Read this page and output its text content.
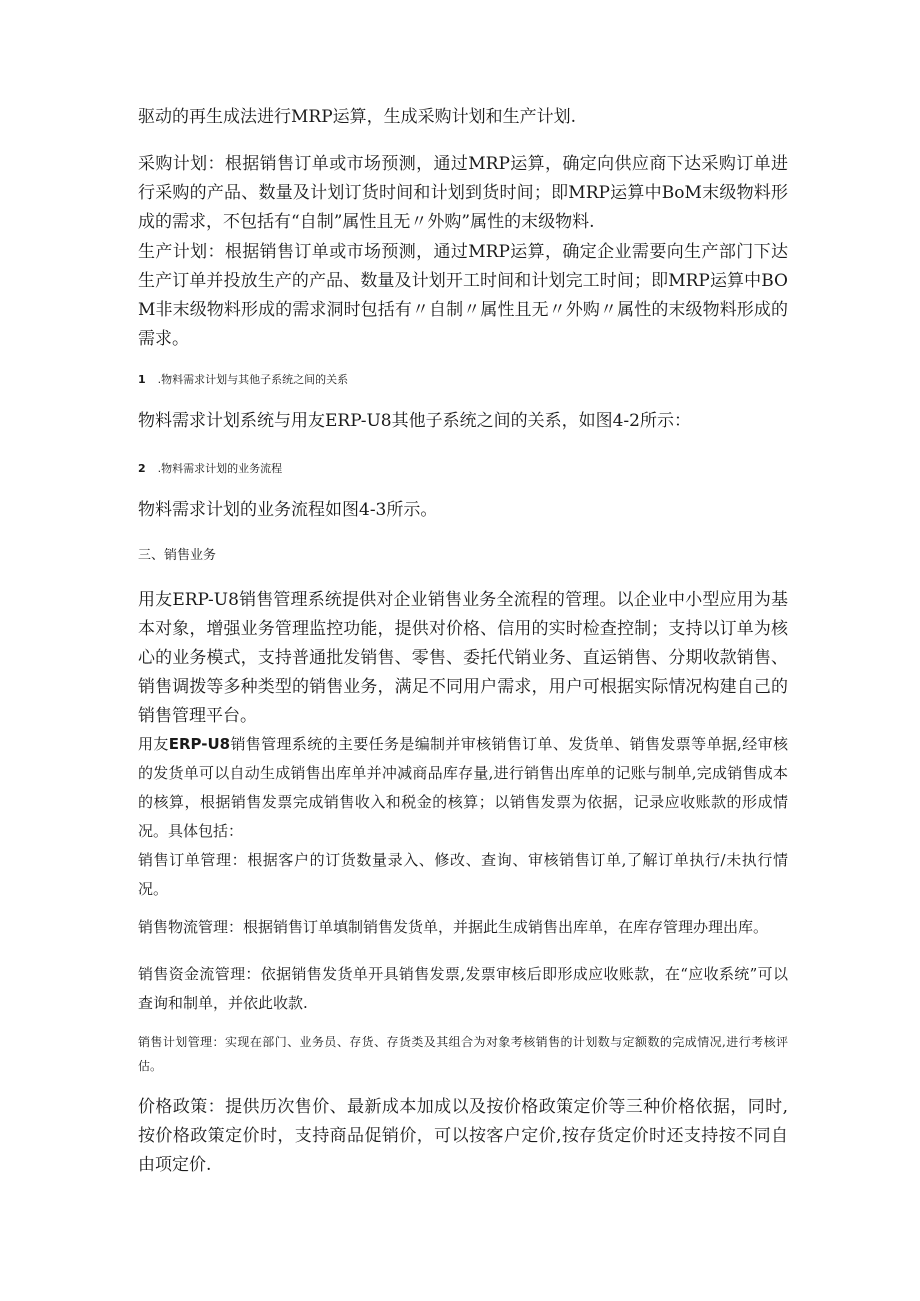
驱动的再生成法进行MRP运算，生成采购计划和生产计划.

采购计划：根据销售订单或市场预测，通过MRP运算，确定向供应商下达采购订单进行采购的产品、数量及计划订货时间和计划到货时间；即MRP运算中BoM末级物料形成的需求，不包括有“自制”属性且无〃外购”属性的末级物料.

生产计划：根据销售订单或市场预测，通过MRP运算，确定企业需要向生产部门下达生产订单并投放生产的产品、数量及计划开工时间和计划完工时间；即MRP运算中BOM非末级物料形成的需求洞时包括有〃自制〃属性且无〃外购〃属性的末级物料形成的需求。

1 .物料需求计划与其他子系统之间的关系

物料需求计划系统与用友ERP-U8其他子系统之间的关系，如图4-2所示：

2 .物料需求计划的业务流程

物料需求计划的业务流程如图4-3所示。

三、销售业务

用友ERP-U8销售管理系统提供对企业销售业务全流程的管理。以企业中小型应用为基本对象，增强业务管理监控功能，提供对价格、信用的实时检查控制；支持以订单为核心的业务模式，支持普通批发销售、零售、委托代销业务、直运销售、分期收款销售、销售调拨等多种类型的销售业务，满足不同用户需求，用户可根据实际情况构建自己的销售管理平台。

用友ERP-U8销售管理系统的主要任务是编制并审核销售订单、发货单、销售发票等单据,经审核的发货单可以自动生成销售出库单并冲减商品库存量,进行销售出库单的记账与制单,完成销售成本的核算，根据销售发票完成销售收入和税金的核算；以销售发票为依据，记录应收账款的形成情况。具体包括：

销售订单管理：根据客户的订货数量录入、修改、查询、审核销售订单,了解订单执行/未执行情况。

销售物流管理：根据销售订单填制销售发货单，并据此生成销售出库单，在库存管理办理出库。

销售资金流管理：依据销售发货单开具销售发票,发票审核后即形成应收账款，在“应收系统”可以查询和制单，并依此收款.

销售计划管理：实现在部门、业务员、存货、存货类及其组合为对象考核销售的计划数与定额数的完成情况,进行考核评估。

价格政策：提供历次售价、最新成本加成以及按价格政策定价等三种价格依据，同时,按价格政策定价时，支持商品促销价，可以按客户定价,按存货定价时还支持按不同自由项定价.
